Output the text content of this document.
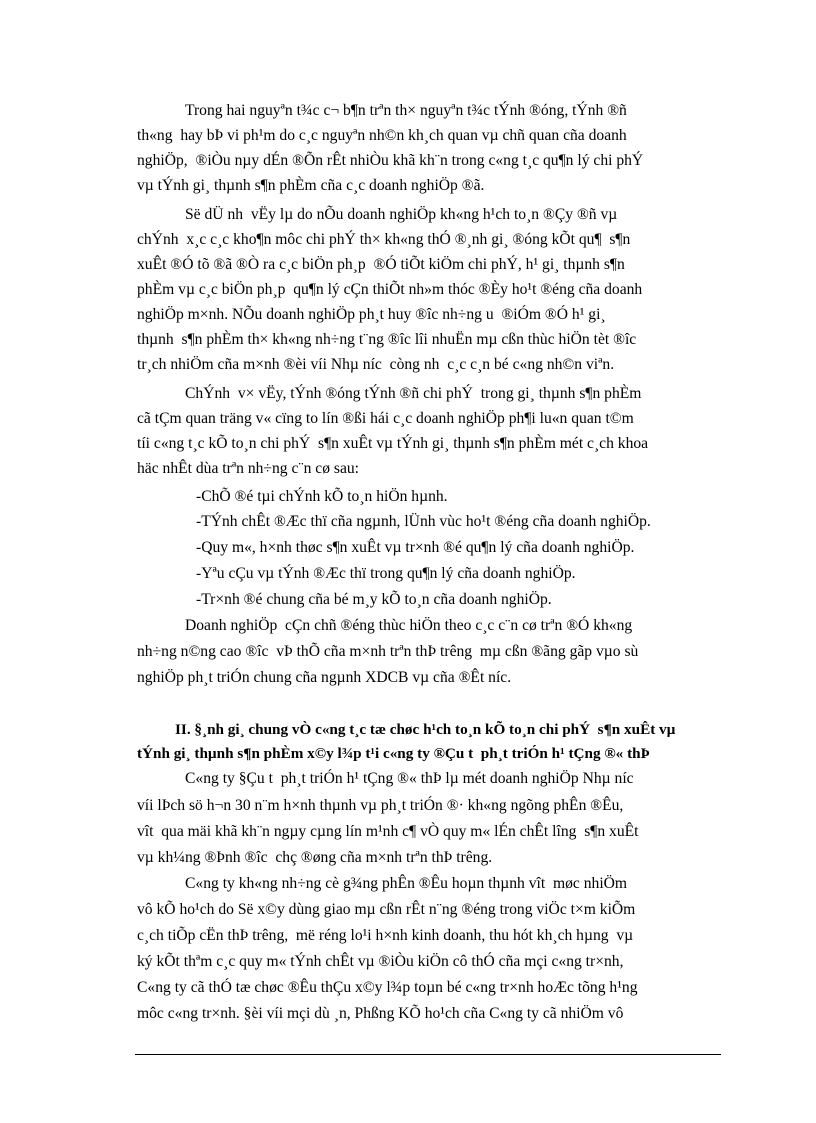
Trong hai nguyªn t¾c c¬ b¶n trªn th× nguyªn t¾c tÝnh ®óng, tÝnh ®ñ
th«ng  hay bÞ vi ph¹m do c¸c nguyªn nh©n kh¸ch quan vµ chñ quan cña doanh
nghiÖp,  ®iÒu nµy dÉn ®Õn rÊt nhiÒu khã kh¨n trong c«ng t¸c qu¶n lý chi phÝ
vµ tÝnh gi¸ thµnh s¶n phÈm cña c¸c doanh nghiÖp ®ã.
Së dÜ nh  vËy lµ do nÕu doanh nghiÖp kh«ng h¹ch to¸n ®Çy ®ñ vµ
chÝnh  x¸c c¸c kho¶n môc chi phÝ th× kh«ng thÓ ®¸nh gi¸ ®óng kÕt qu¶  s¶n
xuÊt ®Ó tõ ®ã ®Ò ra c¸c biÖn ph¸p  ®Ó tiÕt kiÖm chi phÝ, h¹ gi¸ thµnh s¶n
phÈm vµ c¸c biÖn ph¸p  qu¶n lý cÇn thiÕt nh»m thóc ®Èy ho¹t ®éng cña doanh
nghiÖp m×nh. NÕu doanh nghiÖp ph¸t huy ®îc nh÷ng u  ®iÓm ®Ó h¹ gi¸
thµnh  s¶n phÈm th× kh«ng nh÷ng t¨ng ®îc lîi nhuËn mµ cßn thùc hiÖn tèt ®îc
tr¸ch nhiÖm cña m×nh ®èi víi Nhµ níc  còng nh  c¸c c¸n bé c«ng nh©n viªn.
ChÝnh  v× vËy, tÝnh ®óng tÝnh ®ñ chi phÝ  trong gi¸ thµnh s¶n phÈm
cã tÇm quan träng v« cïng to lín ®ßi hái c¸c doanh nghiÖp ph¶i lu«n quan t©m
tíi c«ng t¸c kÕ to¸n chi phÝ  s¶n xuÊt vµ tÝnh gi¸ thµnh s¶n phÈm mét c¸ch khoa
häc nhÊt dùa trªn nh÷ng c¨n cø sau:
-ChÕ ®é tµi chÝnh kÕ to¸n hiÖn hµnh.
-TÝnh chÊt ®Æc thï cña ngµnh, lÜnh vùc ho¹t ®éng cña doanh nghiÖp.
-Quy m«, h×nh thøc s¶n xuÊt vµ tr×nh ®é qu¶n lý cña doanh nghiÖp.
-Yªu cÇu vµ tÝnh ®Æc thï trong qu¶n lý cña doanh nghiÖp.
-Tr×nh ®é chung cña bé m¸y kÕ to¸n cña doanh nghiÖp.
Doanh nghiÖp  cÇn chñ ®éng thùc hiÖn theo c¸c c¨n cø trªn ®Ó kh«ng
nh÷ng n©ng cao ®îc  vÞ thÕ cña m×nh trªn thÞ trêng  mµ cßn ®ãng gãp vµo sù
nghiÖp ph¸t triÓn chung cña ngµnh XDCB vµ cña ®Êt níc.
II. §¸nh gi¸ chung vÒ c«ng t¸c tæ chøc h¹ch to¸n kÕ to¸n chi phÝ  s¶n xuÊt vµ
tÝnh gi¸ thµnh s¶n phÈm x©y l¾p t¹i c«ng ty ®Çu t  ph¸t triÓn h¹ tÇng ®« thÞ
C«ng ty §Çu t  ph¸t triÓn h¹ tÇng ®« thÞ lµ mét doanh nghiÖp Nhµ níc
víi lÞch sö h¬n 30 n¨m h×nh thµnh vµ ph¸t triÓn ®· kh«ng ngõng phÊn ®Êu,
vît  qua mäi khã kh¨n ngµy cµng lín m¹nh c¶ vÒ quy m« lÉn chÊt lîng  s¶n xuÊt
vµ kh¼ng ®Þnh ®îc  chç ®øng cña m×nh trªn thÞ trêng.
C«ng ty kh«ng nh÷ng cè g¾ng phÊn ®Êu hoµn thµnh vît  møc nhiÖm
vô kÕ ho¹ch do Së x©y dùng giao mµ cßn rÊt n¨ng ®éng trong viÖc t×m kiÕm
c¸ch tiÕp cËn thÞ trêng,  më réng lo¹i h×nh kinh doanh, thu hót kh¸ch hµng  vµ
ký kÕt thªm c¸c quy m« tÝnh chÊt vµ ®iÒu kiÖn cô thÓ cña mçi c«ng tr×nh,
C«ng ty cã thÓ tæ chøc ®Êu thÇu x©y l¾p toµn bé c«ng tr×nh hoÆc tõng h¹ng
môc c«ng tr×nh. §èi víi mçi dù ¸n, Phßng KÕ ho¹ch cña C«ng ty cã nhiÖm vô
